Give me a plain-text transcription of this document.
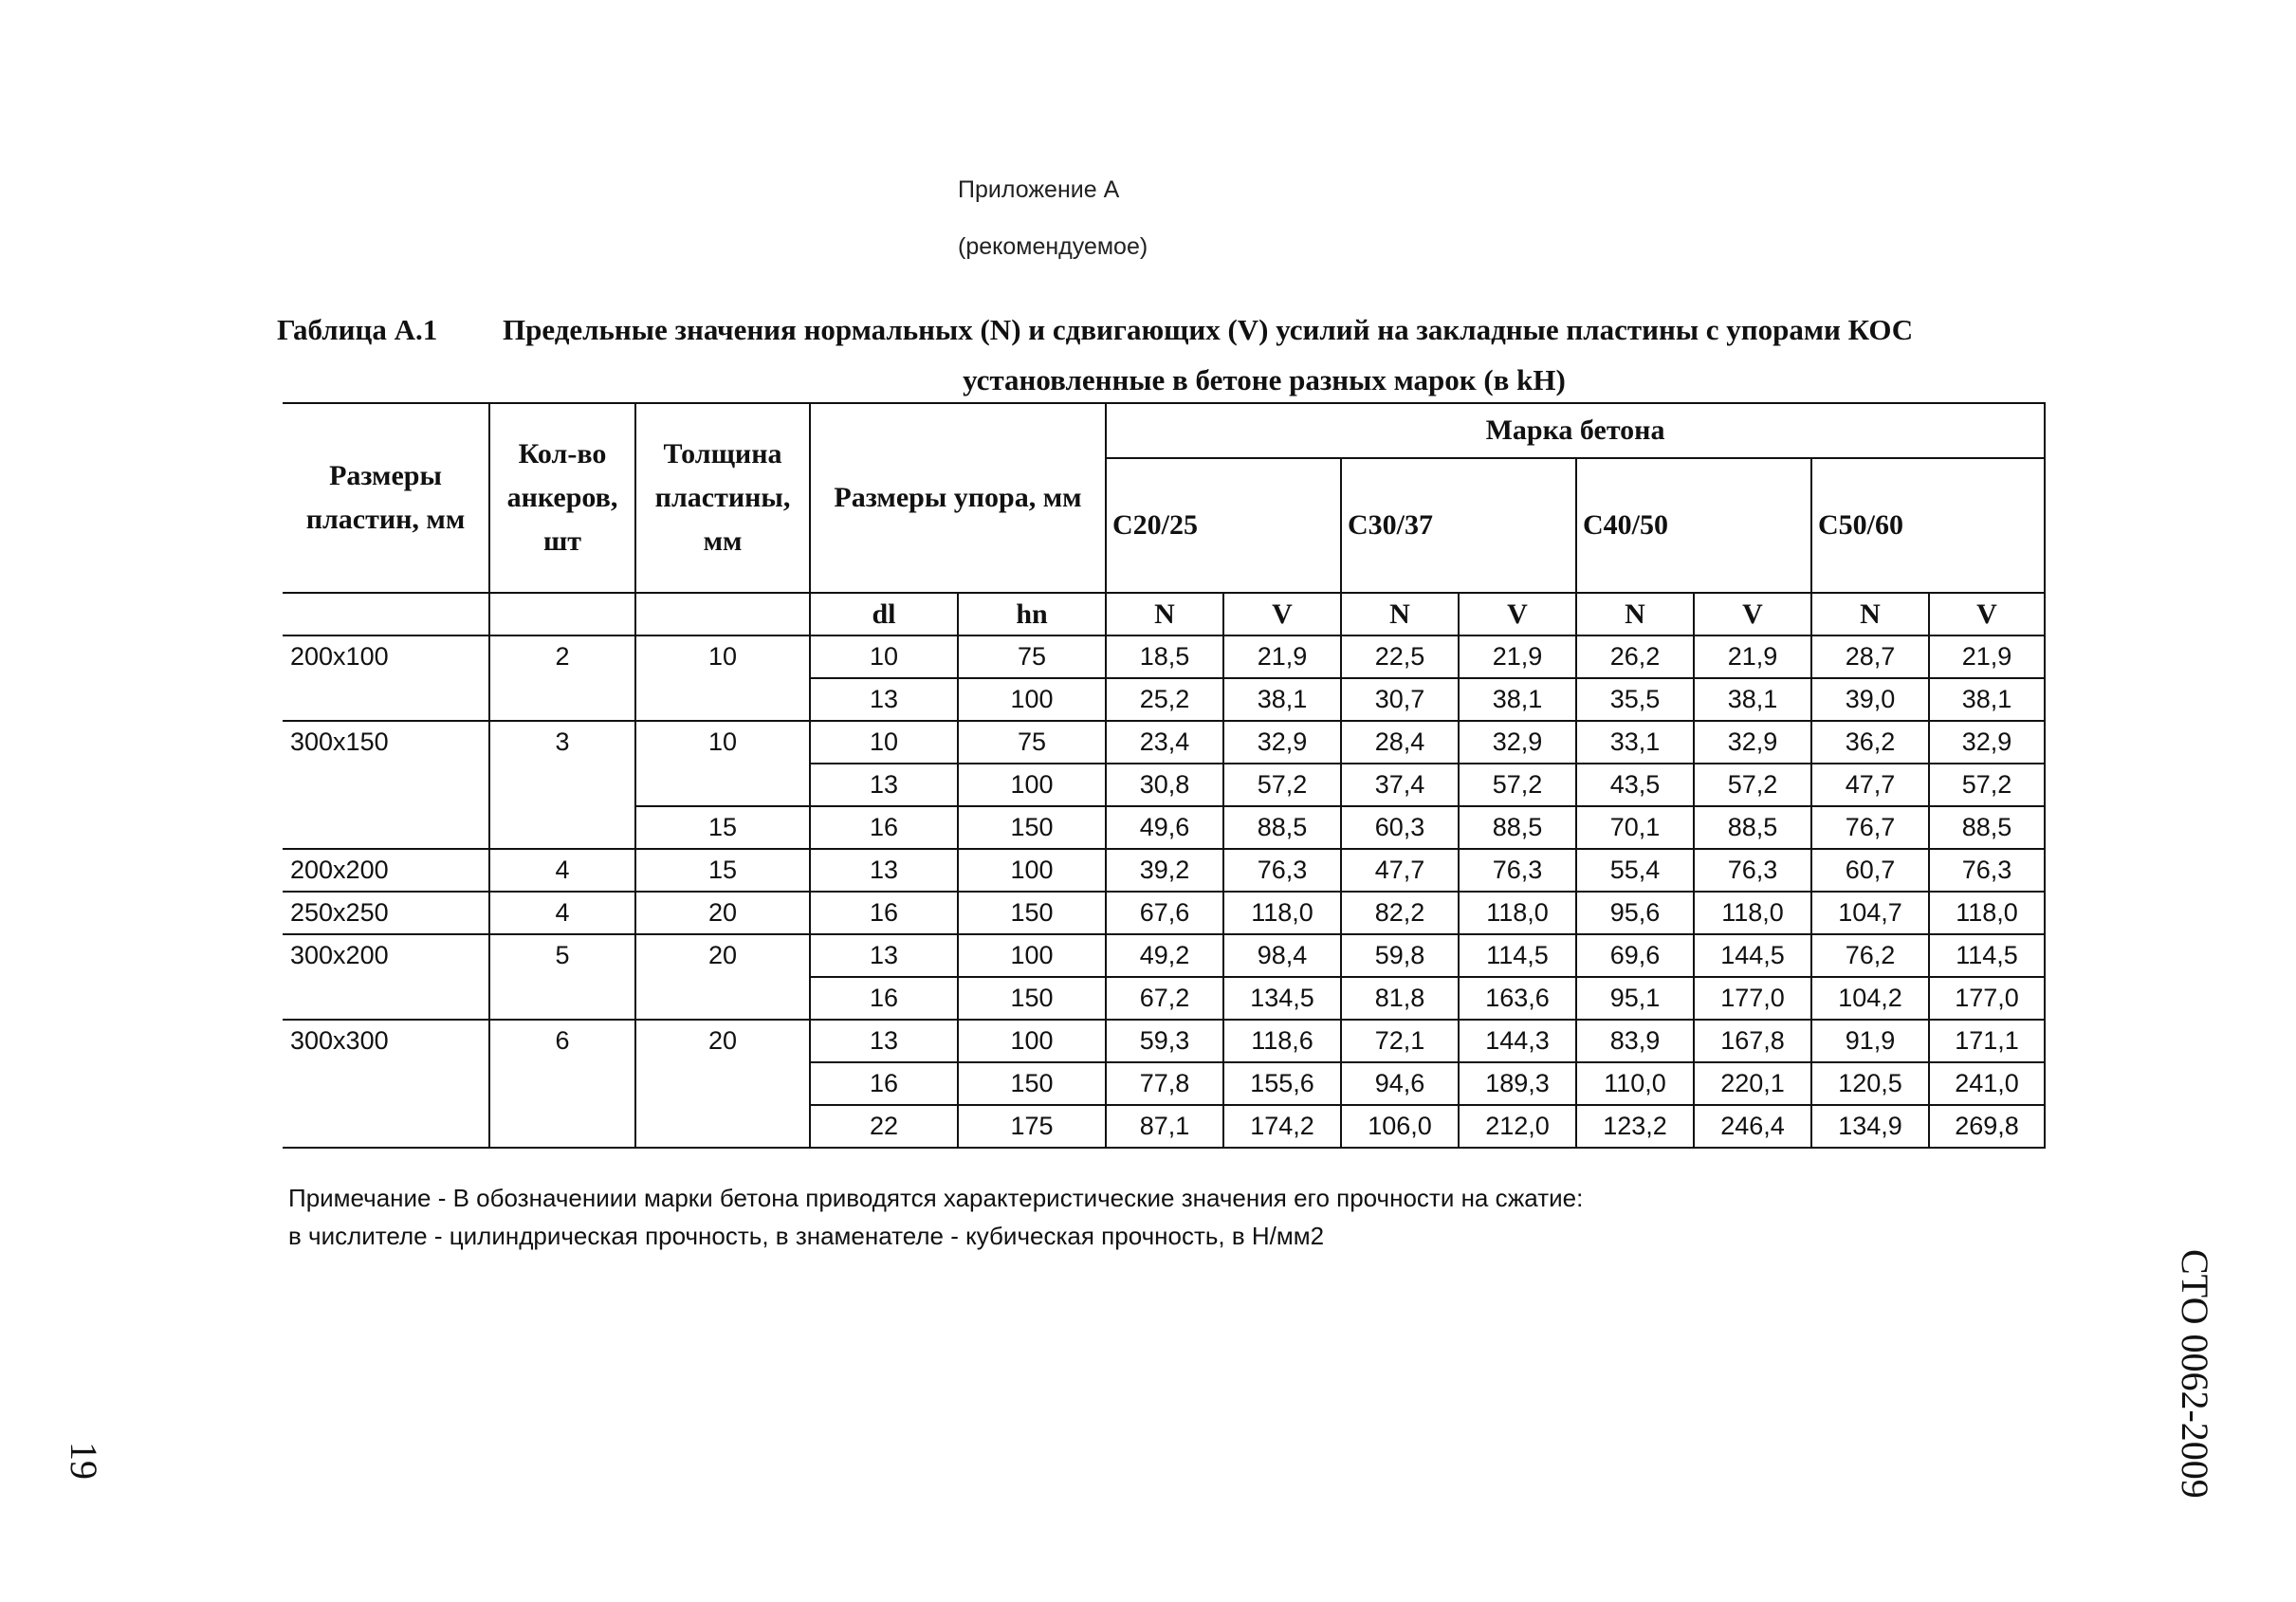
Приложение А
(рекомендуемое)
Габлица А.1 Предельные значения нормальных (N) и сдвигающих (V) усилий на закладные пластины с упорами КОС
установленные в бетоне разных марок (в kH)
Размеры пластин, мм	Кол-во анкеров, шт	Толщина пластины, мм	Размеры упора, мм		Марка бетона							
					С20/25		С30/37		С40/50		С50/60	
			dl	hn	N	V	N	V	N	V	N	V
200х100	2	10	10	75	18,5	21,9	22,5	21,9	26,2	21,9	28,7	21,9
			13	100	25,2	38,1	30,7	38,1	35,5	38,1	39,0	38,1
300х150	3	10	10	75	23,4	32,9	28,4	32,9	33,1	32,9	36,2	32,9
			13	100	30,8	57,2	37,4	57,2	43,5	57,2	47,7	57,2
		15	16	150	49,6	88,5	60,3	88,5	70,1	88,5	76,7	88,5
200х200	4	15	13	100	39,2	76,3	47,7	76,3	55,4	76,3	60,7	76,3
250х250	4	20	16	150	67,6	118,0	82,2	118,0	95,6	118,0	104,7	118,0
300х200	5	20	13	100	49,2	98,4	59,8	114,5	69,6	144,5	76,2	114,5
			16	150	67,2	134,5	81,8	163,6	95,1	177,0	104,2	177,0
300х300	6	20	13	100	59,3	118,6	72,1	144,3	83,9	167,8	91,9	171,1
			16	150	77,8	155,6	94,6	189,3	110,0	220,1	120,5	241,0
			22	175	87,1	174,2	106,0	212,0	123,2	246,4	134,9	269,8
Примечание - В обозначениии марки бетона приводятся характеристические значения его прочности на сжатие:
в числителе - цилиндрическая прочность, в знаменателе - кубическая прочность, в Н/мм2
СТО 0062-2009
19
